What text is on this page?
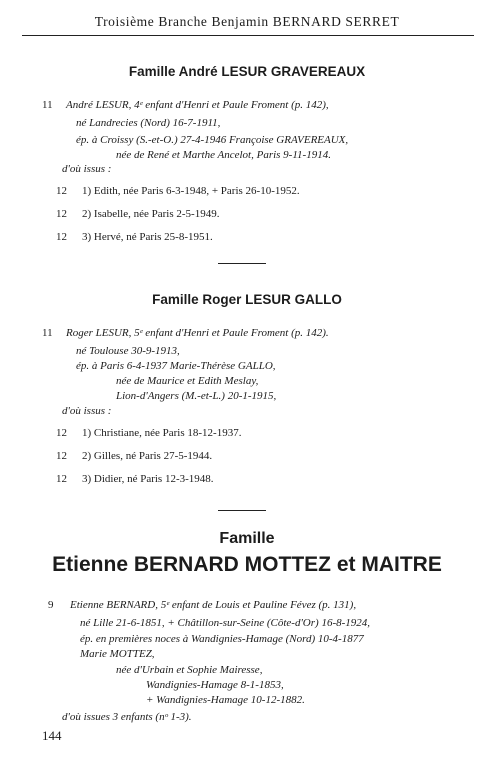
Troisième Branche Benjamin BERNARD SERRET
Famille André LESUR GRAVEREAUX
11 André LESUR, 4ᵉ enfant d'Henri et Paule Froment (p. 142),
né Landrecies (Nord) 16-7-1911,
ép. à Croissy (S.-et-O.) 27-4-1946 Françoise GRAVEREAUX,
née de René et Marthe Ancelot, Paris 9-11-1914.
d'où issus :
12 1) Edith, née Paris 6-3-1948, + Paris 26-10-1952.
12 2) Isabelle, née Paris 2-5-1949.
12 3) Hervé, né Paris 25-8-1951.
Famille Roger LESUR GALLO
11 Roger LESUR, 5ᵉ enfant d'Henri et Paule Froment (p. 142).
né Toulouse 30-9-1913,
ép. à Paris 6-4-1937 Marie-Thérèse GALLO,
née de Maurice et Edith Meslay,
Lion-d'Angers (M.-et-L.) 20-1-1915,
d'où issus :
12 1) Christiane, née Paris 18-12-1937.
12 2) Gilles, né Paris 27-5-1944.
12 3) Didier, né Paris 12-3-1948.
Famille
Etienne BERNARD MOTTEZ et MAITRE
9 Etienne BERNARD, 5ᵉ enfant de Louis et Pauline Févez (p. 131),
né Lille 21-6-1851, + Châtillon-sur-Seine (Côte-d'Or) 16-8-1924,
ép. en premières noces à Wandignies-Hamage (Nord) 10-4-1877
Marie MOTTEZ,
née d'Urbain et Sophie Mairesse,
Wandignies-Hamage 8-1-1853,
+ Wandignies-Hamage 10-12-1882.
d'où issues 3 enfants (nᵒ 1-3).
144
